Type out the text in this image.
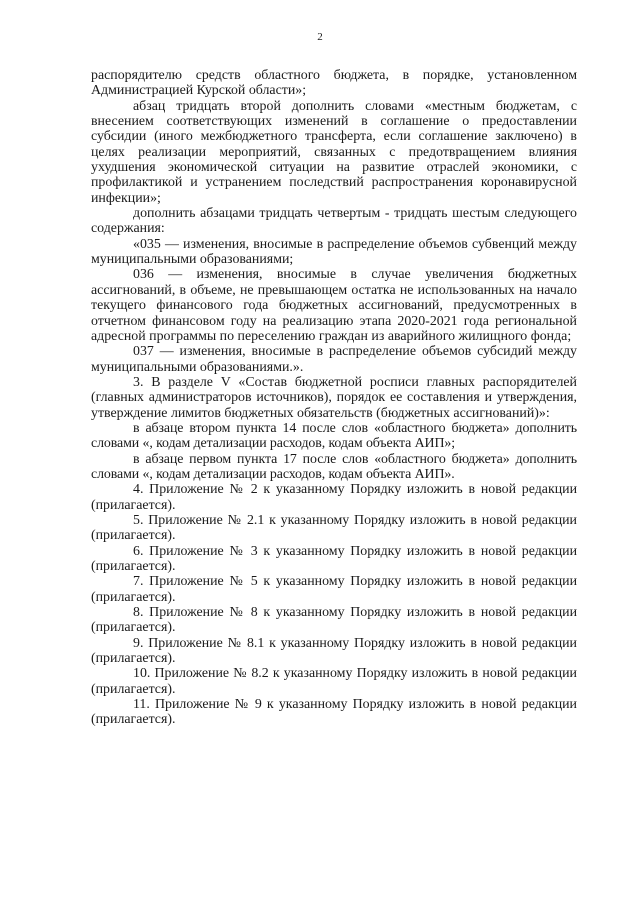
2

распорядителю средств областного бюджета, в порядке, установленном Администрацией Курской области»;

абзац тридцать второй дополнить словами «местным бюджетам, с внесением соответствующих изменений в соглашение о предоставлении субсидии (иного межбюджетного трансферта, если соглашение заключено) в целях реализации мероприятий, связанных с предотвращением влияния ухудшения экономической ситуации на развитие отраслей экономики, с профилактикой и устранением последствий распространения коронавирусной инфекции»;

дополнить абзацами тридцать четвертым - тридцать шестым следующего содержания:

«035 — изменения, вносимые в распределение объемов субвенций между муниципальными образованиями;

036 — изменения, вносимые в случае увеличения бюджетных ассигнований, в объеме, не превышающем остатка не использованных на начало текущего финансового года бюджетных ассигнований, предусмотренных в отчетном финансовом году на реализацию этапа 2020-2021 года региональной адресной программы по переселению граждан из аварийного жилищного фонда;

037 — изменения, вносимые в распределение объемов субсидий между муниципальными образованиями.».

3. В разделе V «Состав бюджетной росписи главных распорядителей (главных администраторов источников), порядок ее составления и утверждения, утверждение лимитов бюджетных обязательств (бюджетных ассигнований)»:

в абзаце втором пункта 14 после слов «областного бюджета» дополнить словами «, кодам детализации расходов, кодам объекта АИП»;

в абзаце первом пункта 17 после слов «областного бюджета» дополнить словами «, кодам детализации расходов, кодам объекта АИП».

4. Приложение № 2 к указанному Порядку изложить в новой редакции (прилагается).

5. Приложение № 2.1 к указанному Порядку изложить в новой редакции (прилагается).

6. Приложение № 3 к указанному Порядку изложить в новой редакции (прилагается).

7. Приложение № 5 к указанному Порядку изложить в новой редакции (прилагается).

8. Приложение № 8 к указанному Порядку изложить в новой редакции (прилагается).

9. Приложение № 8.1 к указанному Порядку изложить в новой редакции (прилагается).

10. Приложение № 8.2 к указанному Порядку изложить в новой редакции (прилагается).

11. Приложение № 9 к указанному Порядку изложить в новой редакции (прилагается).
